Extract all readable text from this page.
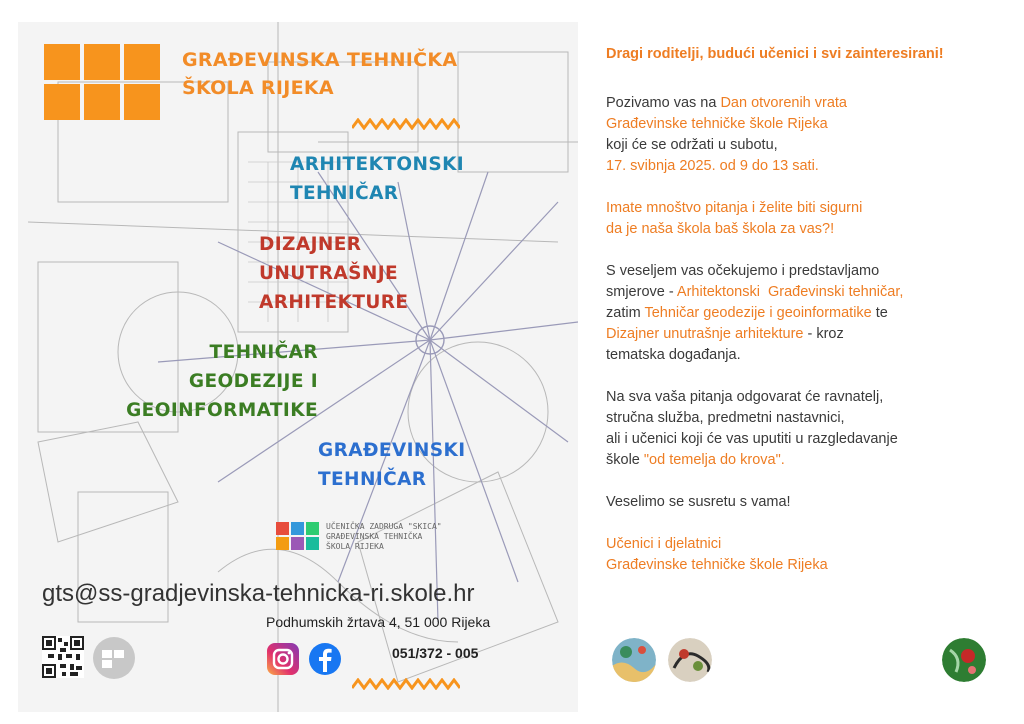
GRAĐEVINSKA TEHNIČKA
ŠKOLA RIJEKA
ARHITEKTONSKI
TEHNIČAR
DIZAJNER
UNUTRAŠNJE
ARHITEKTURE
TEHNIČAR
GEODEZIJE I
GEOINFORMATIKE
GRAĐEVINSKI
TEHNIČAR
UČENIČKA ZADRUGA "SKICA"
GRAĐEVINSKA TEHNIČKA
ŠKOLA RIJEKA
gts@ss-gradjevinska-tehnicka-ri.skole.hr
Podhumskih žrtava 4, 51 000 Rijeka
051/372 - 005

Dragi roditelji, budući učenici i svi zainteresirani!

Pozivamo vas na Dan otvorenih vrata
Građevinske tehničke škole Rijeka
koji će se održati u subotu,
17. svibnja 2025. od 9 do 13 sati.

Imate mnoštvo pitanja i želite biti sigurni
da je naša škola baš škola za vas?!

S veseljem vas očekujemo i predstavljamo
smjerove - Arhitektonski Građevinski tehničar,
zatim Tehničar geodezije i geoinformatike te
Dizajner unutrašnje arhitekture - kroz
tematska događanja.

Na sva vaša pitanja odgovarat će ravnatelj,
stručna služba, predmetni nastavnici,
ali i učenici koji će vas uputiti u razgledavanje
škole "od temelja do krova".

Veselimo se susretu s vama!

Učenici i djelatnici
Građevinske tehničke škole Rijeka
